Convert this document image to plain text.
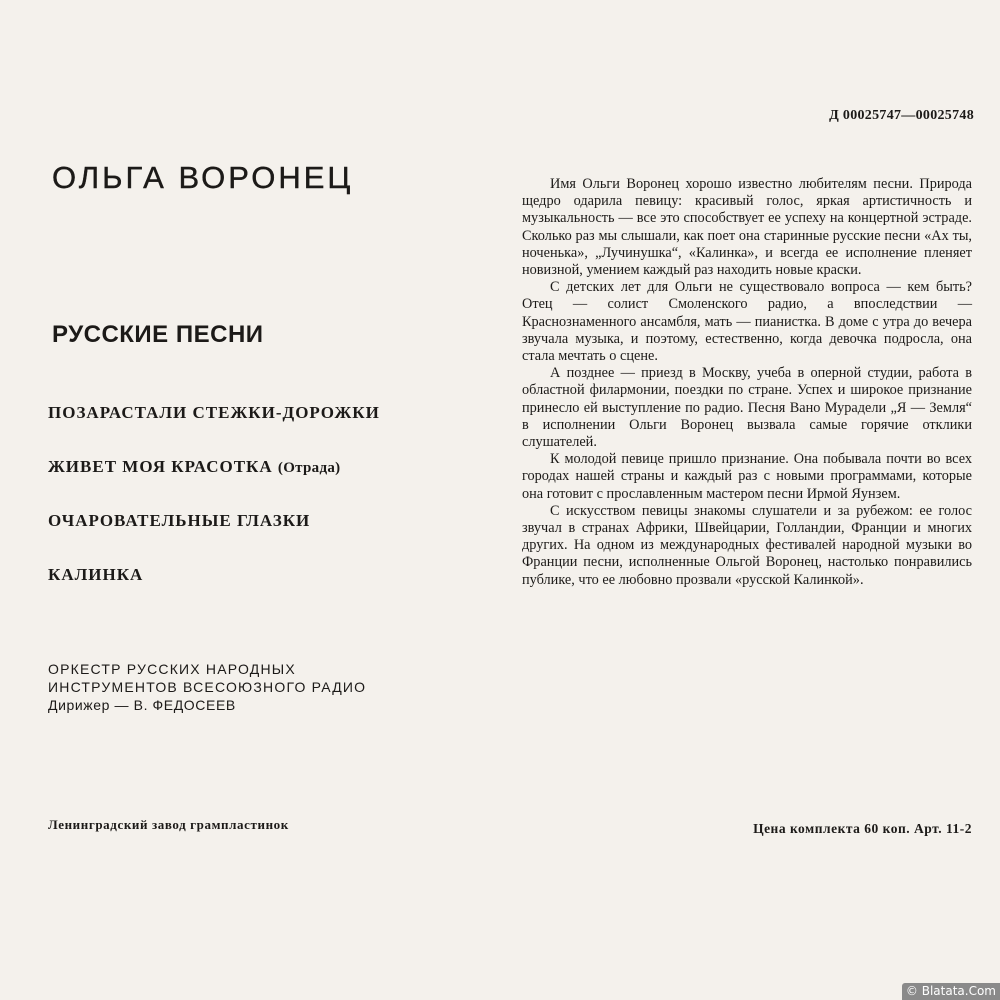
Д 00025747—00025748
ОЛЬГА ВОРОНЕЦ
РУССКИЕ ПЕСНИ
ПОЗАРАСТАЛИ СТЕЖКИ-ДОРОЖКИ
ЖИВЕТ МОЯ КРАСОТКА (Отрада)
ОЧАРОВАТЕЛЬНЫЕ ГЛАЗКИ
КАЛИНКА
ОРКЕСТР РУССКИХ НАРОДНЫХ
ИНСТРУМЕНТОВ ВСЕСОЮЗНОГО РАДИО
Дирижер — В. ФЕДОСЕЕВ

Имя Ольги Воронец хорошо известно любителям песни. Природа щедро одарила певицу: красивый голос, яркая артистичность и музыкальность — все это способствует ее успеху на концертной эстраде. Сколько раз мы слышали, как поет она старинные русские песни «Ах ты, ноченька», „Лучинушка“, «Калинка», и всегда ее исполнение пленяет новизной, умением каждый раз находить новые краски.

С детских лет для Ольги не существовало вопроса — кем быть? Отец — солист Смоленского радио, а впоследствии — Краснознаменного ансамбля, мать — пианистка. В доме с утра до вечера звучала музыка, и поэтому, естественно, когда девочка подросла, она стала мечтать о сцене.

А позднее — приезд в Москву, учеба в оперной студии, работа в областной филармонии, поездки по стране. Успех и широкое признание принесло ей выступление по радио. Песня Вано Мурадели „Я — Земля“ в исполнении Ольги Воронец вызвала самые горячие отклики слушателей.

К молодой певице пришло признание. Она побывала почти во всех городах нашей страны и каждый раз с новыми программами, которые она готовит с прославленным мастером песни Ирмой Яунзем.

С искусством певицы знакомы слушатели и за рубежом: ее голос звучал в странах Африки, Швейцарии, Голландии, Франции и многих других. На одном из международных фестивалей народной музыки во Франции песни, исполненные Ольгой Воронец, настолько понравились публике, что ее любовно прозвали «русской Калинкой».

Ленинградский завод грампластинок	Цена комплекта 60 коп. Арт. 11-2
© Blatata.Com
